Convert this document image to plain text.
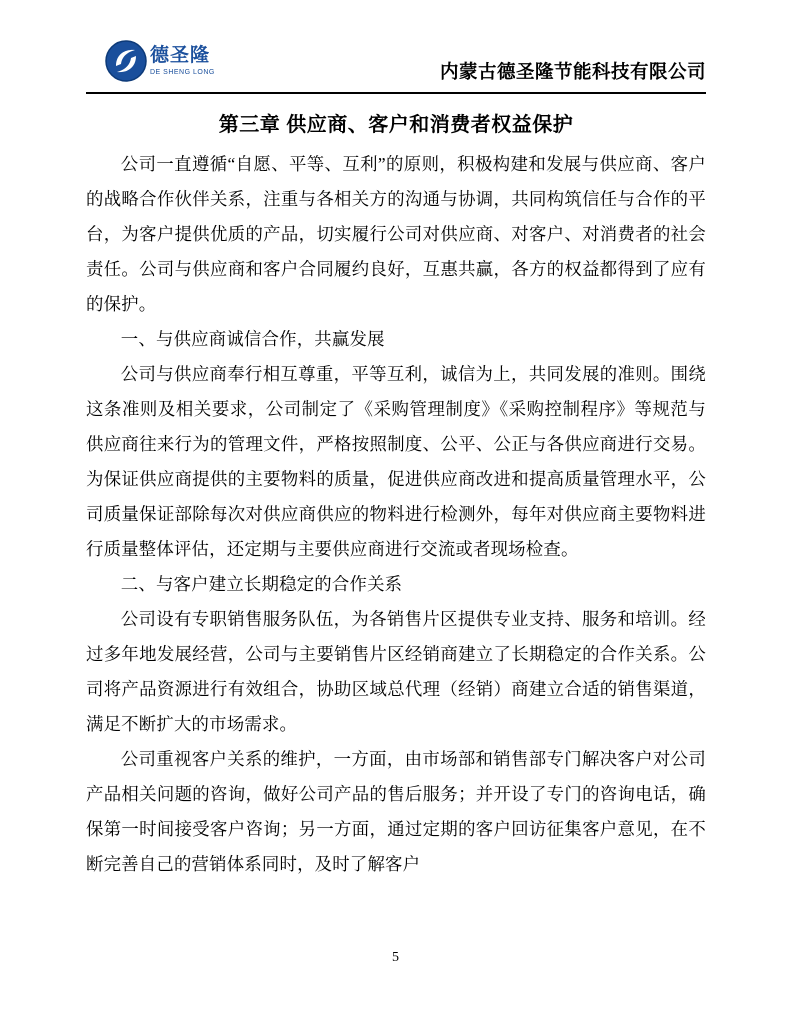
德圣隆
DE SHENG LONG	内蒙古德圣隆节能科技有限公司
第三章 供应商、客户和消费者权益保护

公司一直遵循“自愿、平等、互利”的原则，积极构建和发展与供应商、客户的战略合作伙伴关系，注重与各相关方的沟通与协调，共同构筑信任与合作的平台，为客户提供优质的产品，切实履行公司对供应商、对客户、对消费者的社会责任。公司与供应商和客户合同履约良好，互惠共赢，各方的权益都得到了应有的保护。

一、与供应商诚信合作，共赢发展

公司与供应商奉行相互尊重，平等互利，诚信为上，共同发展的准则。围绕这条准则及相关要求，公司制定了《采购管理制度》《采购控制程序》等规范与供应商往来行为的管理文件，严格按照制度、公平、公正与各供应商进行交易。为保证供应商提供的主要物料的质量，促进供应商改进和提高质量管理水平，公司质量保证部除每次对供应商供应的物料进行检测外，每年对供应商主要物料进行质量整体评估，还定期与主要供应商进行交流或者现场检查。

二、与客户建立长期稳定的合作关系

公司设有专职销售服务队伍，为各销售片区提供专业支持、服务和培训。经过多年地发展经营，公司与主要销售片区经销商建立了长期稳定的合作关系。公司将产品资源进行有效组合，协助区域总代理（经销）商建立合适的销售渠道，满足不断扩大的市场需求。

公司重视客户关系的维护，一方面，由市场部和销售部专门解决客户对公司产品相关问题的咨询，做好公司产品的售后服务；并开设了专门的咨询电话，确保第一时间接受客户咨询；另一方面，通过定期的客户回访征集客户意见，在不断完善自己的营销体系同时，及时了解客户

5
